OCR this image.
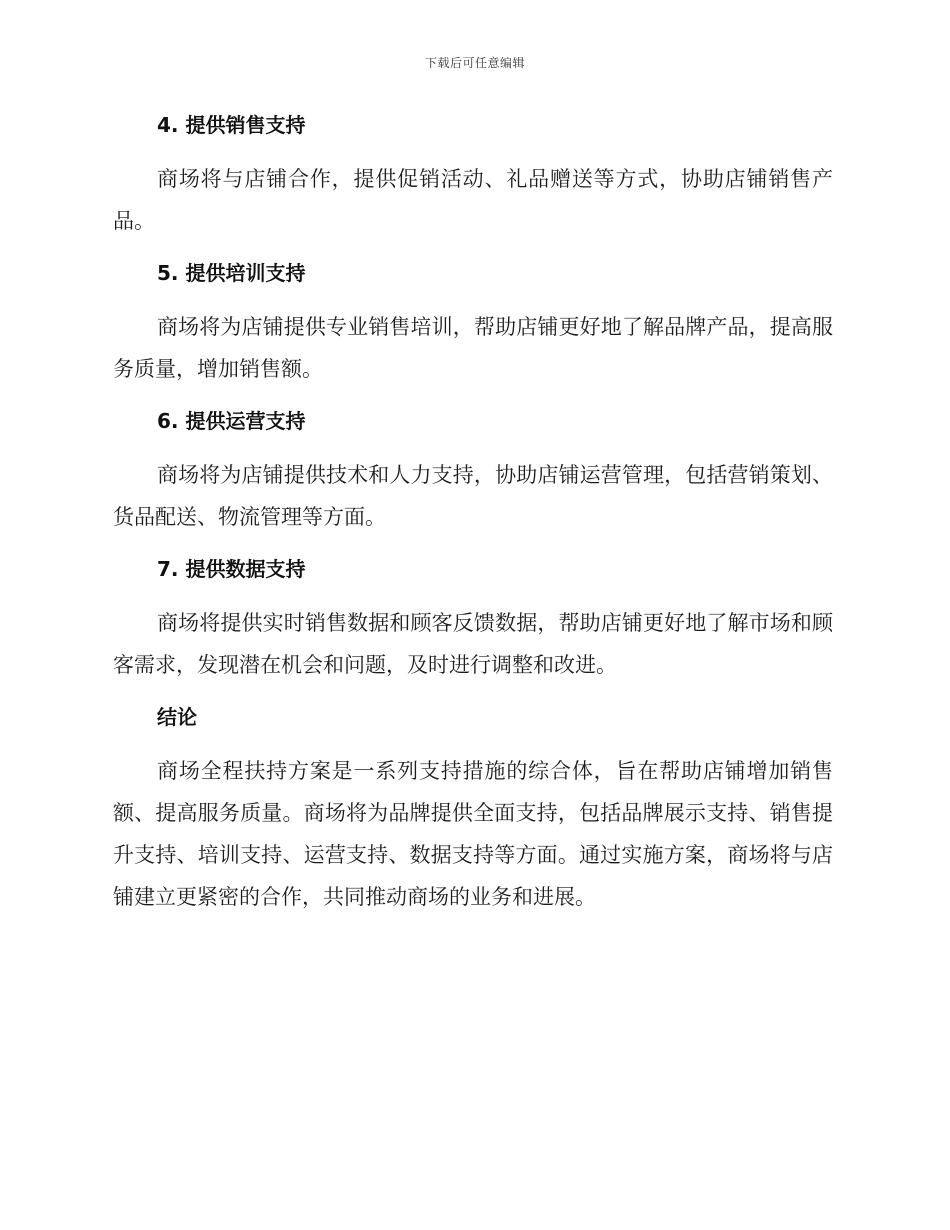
下载后可任意编辑
4. 提供销售支持

商场将与店铺合作，提供促销活动、礼品赠送等方式，协助店铺销售产品。

5. 提供培训支持

商场将为店铺提供专业销售培训，帮助店铺更好地了解品牌产品，提高服务质量，增加销售额。

6. 提供运营支持

商场将为店铺提供技术和人力支持，协助店铺运营管理，包括营销策划、货品配送、物流管理等方面。

7. 提供数据支持

商场将提供实时销售数据和顾客反馈数据，帮助店铺更好地了解市场和顾客需求，发现潜在机会和问题，及时进行调整和改进。

结论

商场全程扶持方案是一系列支持措施的综合体，旨在帮助店铺增加销售额、提高服务质量。商场将为品牌提供全面支持，包括品牌展示支持、销售提升支持、培训支持、运营支持、数据支持等方面。通过实施方案，商场将与店铺建立更紧密的合作，共同推动商场的业务和进展。
